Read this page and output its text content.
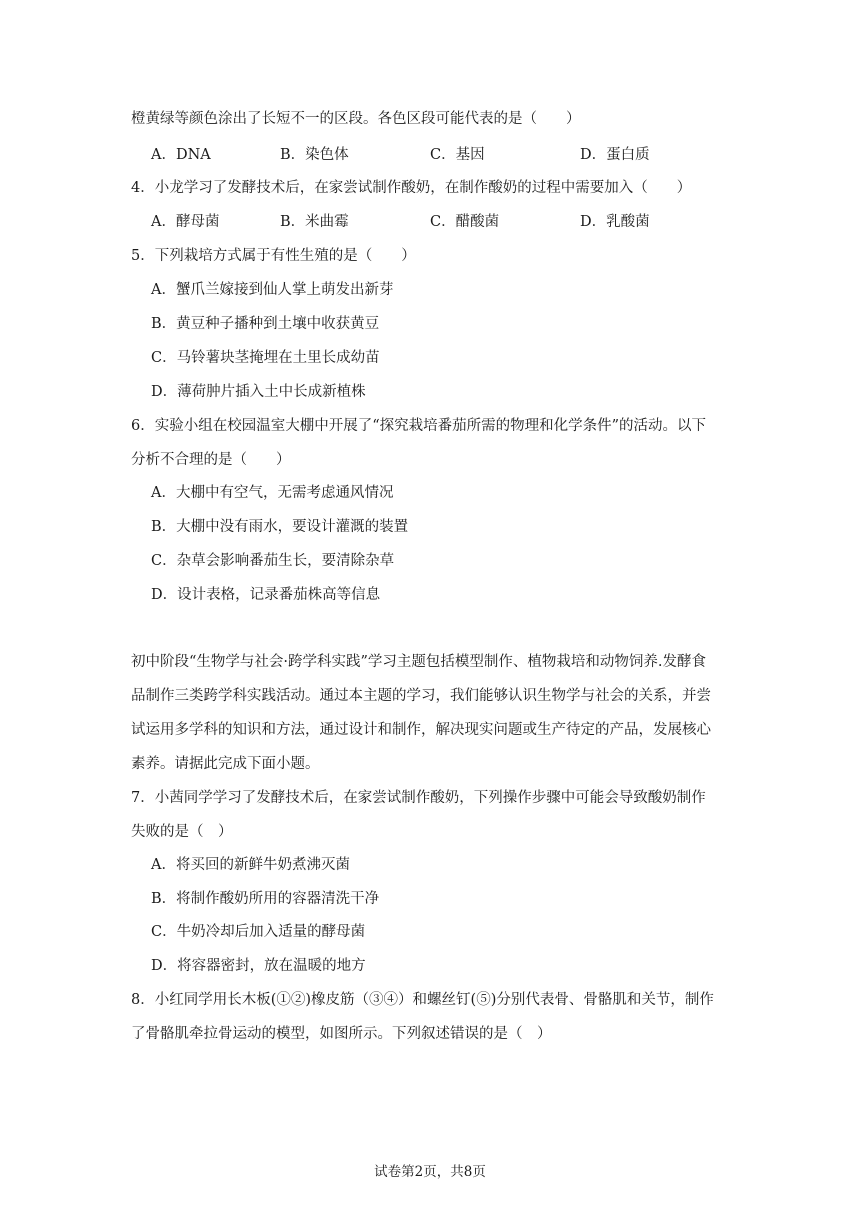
橙黄绿等颜色涂出了长短不一的区段。各色区段可能代表的是（　　）
A．DNA	B．染色体	C．基因	D．蛋白质
4．小龙学习了发酵技术后，在家尝试制作酸奶，在制作酸奶的过程中需要加入（　　）
A．酵母菌	B．米曲霉	C．醋酸菌	D．乳酸菌
5．下列栽培方式属于有性生殖的是（　　）
A．蟹爪兰嫁接到仙人掌上萌发出新芽
B．黄豆种子播种到土壤中收获黄豆
C．马铃薯块茎掩埋在土里长成幼苗
D．薄荷肿片插入土中长成新植株
6．实验小组在校园温室大棚中开展了“探究栽培番茄所需的物理和化学条件”的活动。以下
分析不合理的是（　　）
A．大棚中有空气，无需考虑通风情况
B．大棚中没有雨水，要设计灌溉的装置
C．杂草会影响番茄生长，要清除杂草
D．设计表格，记录番茄株高等信息
初中阶段“生物学与社会·跨学科实践”学习主题包括模型制作、植物栽培和动物饲养.发酵食
品制作三类跨学科实践活动。通过本主题的学习，我们能够认识生物学与社会的关系，并尝
试运用多学科的知识和方法，通过设计和制作，解决现实问题或生产待定的产品，发展核心
素养。请据此完成下面小题。
7．小茜同学学习了发酵技术后，在家尝试制作酸奶，下列操作步骤中可能会导致酸奶制作
失败的是（　）
A．将买回的新鲜牛奶煮沸灭菌
B．将制作酸奶所用的容器清洗干净
C．牛奶冷却后加入适量的酵母菌
D．将容器密封，放在温暖的地方
8．小红同学用长木板(①②)橡皮筋（③④）和螺丝钉(⑤)分别代表骨、骨骼肌和关节，制作
了骨骼肌牵拉骨运动的模型，如图所示。下列叙述错误的是（　）
试卷第2页，共8页
